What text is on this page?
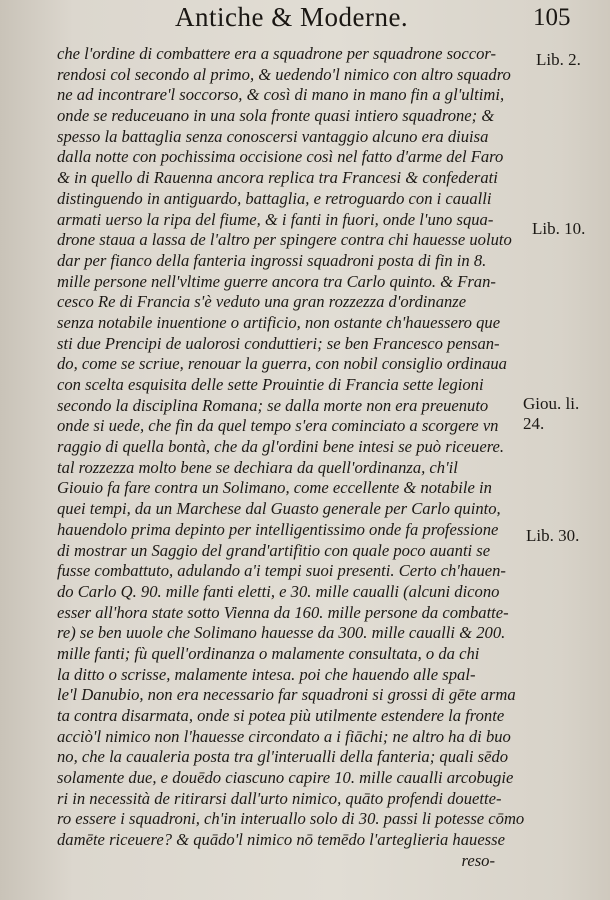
Antiche & Moderne.	105
che l'ordine di combattere era a squadrone per squadrone soccor-
rendosi col secondo al primo, & uedendo'l nimico con altro squadro
ne ad incontrare'l soccorso, & così di mano in mano fin a gl'ultimi,
onde se reduceuano in una sola fronte quasi intiero squadrone; &
spesso la battaglia senza conoscersi vantaggio alcuno era diuisa
dalla notte con pochissima occisione così nel fatto d'arme del Faro
& in quello di Rauenna ancora replica tra Francesi & confederati
distinguendo in antiguardo, battaglia, e retroguardo con i caualli
armati uerso la ripa del fiume, & i fanti in fuori, onde l'uno squa-
drone staua a lassa de l'altro per spingere contra chi hauesse uoluto
dar per fianco della fanteria ingrossi squadroni posta di fin in 8.
mille persone nell'vltime guerre ancora tra Carlo quinto. & Fran-
cesco Re di Francia s'è veduto una gran rozzezza d'ordinanze
senza notabile inuentione o artificio, non ostante ch'hauessero que
sti due Prencipi de ualorosi conduttieri; se ben Francesco pensan-
do, come se scriue, renouar la guerra, con nobil consiglio ordinaua
con scelta esquisita delle sette Prouintie di Francia sette legioni
secondo la disciplina Romana; se dalla morte non era preuenuto
onde si uede, che fin da quel tempo s'era cominciato a scorgere vn
raggio di quella bontà, che da gl'ordini bene intesi se può riceuere.
tal rozzezza molto bene se dechiara da quell'ordinanza, ch'il
Giouio fa fare contra un Solimano, come eccellente & notabile in
quei tempi, da un Marchese dal Guasto generale per Carlo quinto,
hauendolo prima depinto per intelligentissimo onde fa professione
di mostrar un Saggio del grand'artifitio con quale poco auanti se
fusse combattuto, adulando a'i tempi suoi presenti. Certo ch'hauen-
do Carlo Q. 90. mille fanti eletti, e 30. mille caualli (alcuni dicono
esser all'hora state sotto Vienna da 160. mille persone da combatte-
re) se ben uuole che Solimano hauesse da 300. mille caualli & 200.
mille fanti; fù quell'ordinanza o malamente consultata, o da chi
la ditto o scrisse, malamente intesa. poi che hauendo alle spal-
le'l Danubio, non era necessario far squadroni si grossi di gēte arma
ta contra disarmata, onde si potea più utilmente estendere la fronte
acciò'l nimico non l'hauesse circondato a i fiāchi; ne altro ha di buo
no, che la caualeria posta tra gl'interualli della fanteria; quali sēdo
solamente due, e douēdo ciascuno capire 10. mille caualli arcobugie
ri in necessità de ritirarsi dall'urto nimico, quāto profendi douette-
ro essere i squadroni, ch'in interuallo solo di 30. passi li potesse cōmo
damēte riceuere? & quādo'l nimico nō temēdo l'arteglieria hauesse
reso-
Lib. 2.
Lib. 10.
Giou. li. 24.
Lib. 30.
